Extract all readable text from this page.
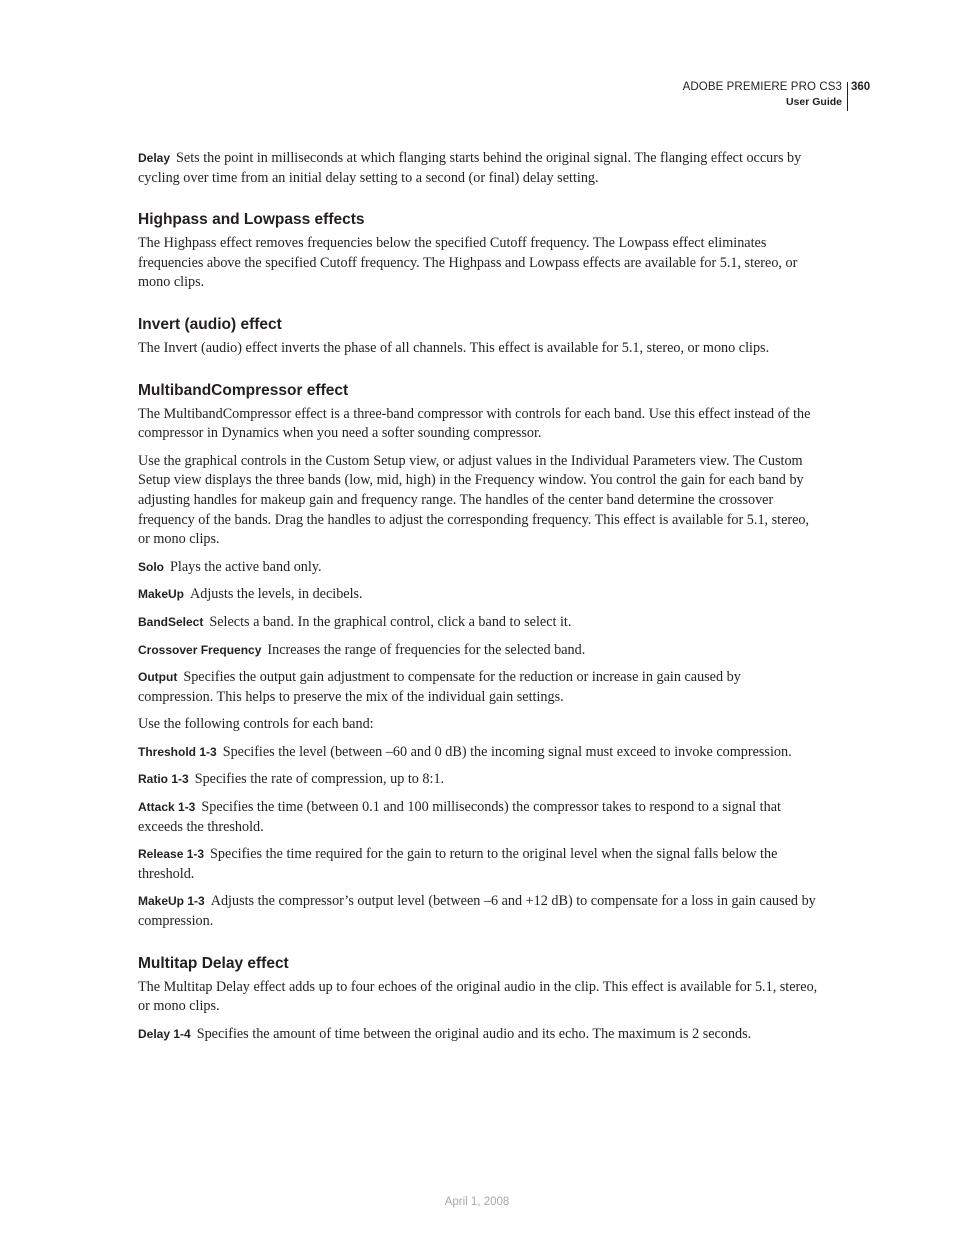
ADOBE PREMIERE PRO CS3
User Guide
360

Delay Sets the point in milliseconds at which flanging starts behind the original signal. The flanging effect occurs by cycling over time from an initial delay setting to a second (or final) delay setting.

Highpass and Lowpass effects

The Highpass effect removes frequencies below the specified Cutoff frequency. The Lowpass effect eliminates frequencies above the specified Cutoff frequency. The Highpass and Lowpass effects are available for 5.1, stereo, or mono clips.

Invert (audio) effect

The Invert (audio) effect inverts the phase of all channels. This effect is available for 5.1, stereo, or mono clips.

MultibandCompressor effect

The MultibandCompressor effect is a three-band compressor with controls for each band. Use this effect instead of the compressor in Dynamics when you need a softer sounding compressor.

Use the graphical controls in the Custom Setup view, or adjust values in the Individual Parameters view. The Custom Setup view displays the three bands (low, mid, high) in the Frequency window. You control the gain for each band by adjusting handles for makeup gain and frequency range. The handles of the center band determine the crossover frequency of the bands. Drag the handles to adjust the corresponding frequency. This effect is available for 5.1, stereo, or mono clips.

Solo Plays the active band only.

MakeUp Adjusts the levels, in decibels.

BandSelect Selects a band. In the graphical control, click a band to select it.

Crossover Frequency Increases the range of frequencies for the selected band.

Output Specifies the output gain adjustment to compensate for the reduction or increase in gain caused by compression. This helps to preserve the mix of the individual gain settings.

Use the following controls for each band:

Threshold 1-3 Specifies the level (between –60 and 0 dB) the incoming signal must exceed to invoke compression.

Ratio 1-3 Specifies the rate of compression, up to 8:1.

Attack 1-3 Specifies the time (between 0.1 and 100 milliseconds) the compressor takes to respond to a signal that exceeds the threshold.

Release 1-3 Specifies the time required for the gain to return to the original level when the signal falls below the threshold.

MakeUp 1-3 Adjusts the compressor’s output level (between –6 and +12 dB) to compensate for a loss in gain caused by compression.

Multitap Delay effect

The Multitap Delay effect adds up to four echoes of the original audio in the clip. This effect is available for 5.1, stereo, or mono clips.

Delay 1-4 Specifies the amount of time between the original audio and its echo. The maximum is 2 seconds.

April 1, 2008
